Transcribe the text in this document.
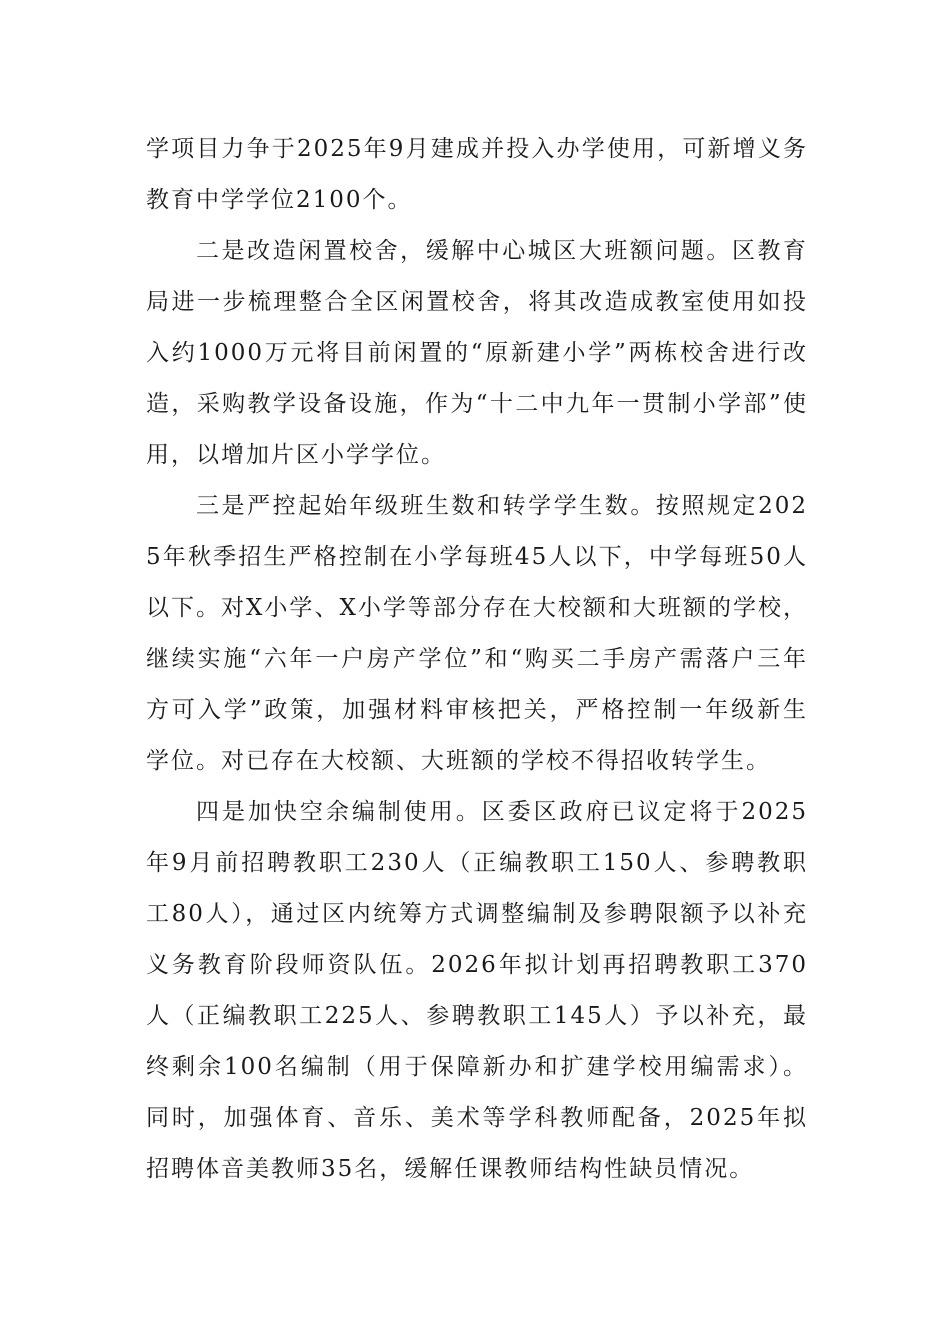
学项目力争于2025年9月建成并投入办学使用，可新增义务教育中学学位2100个。

二是改造闲置校舍，缓解中心城区大班额问题。区教育局进一步梳理整合全区闲置校舍，将其改造成教室使用如投入约1000万元将目前闲置的“原新建小学”两栋校舍进行改造，采购教学设备设施，作为“十二中九年一贯制小学部”使用，以增加片区小学学位。

三是严控起始年级班生数和转学学生数。按照规定2025年秋季招生严格控制在小学每班45人以下，中学每班50人以下。对X小学、X小学等部分存在大校额和大班额的学校，继续实施“六年一户房产学位”和“购买二手房产需落户三年方可入学”政策，加强材料审核把关，严格控制一年级新生学位。对已存在大校额、大班额的学校不得招收转学生。

四是加快空余编制使用。区委区政府已议定将于2025年9月前招聘教职工230人（正编教职工150人、参聘教职工80人），通过区内统筹方式调整编制及参聘限额予以补充义务教育阶段师资队伍。2026年拟计划再招聘教职工370人（正编教职工225人、参聘教职工145人）予以补充，最终剩余100名编制（用于保障新办和扩建学校用编需求）。同时，加强体育、音乐、美术等学科教师配备，2025年拟招聘体音美教师35名，缓解任课教师结构性缺员情况。
